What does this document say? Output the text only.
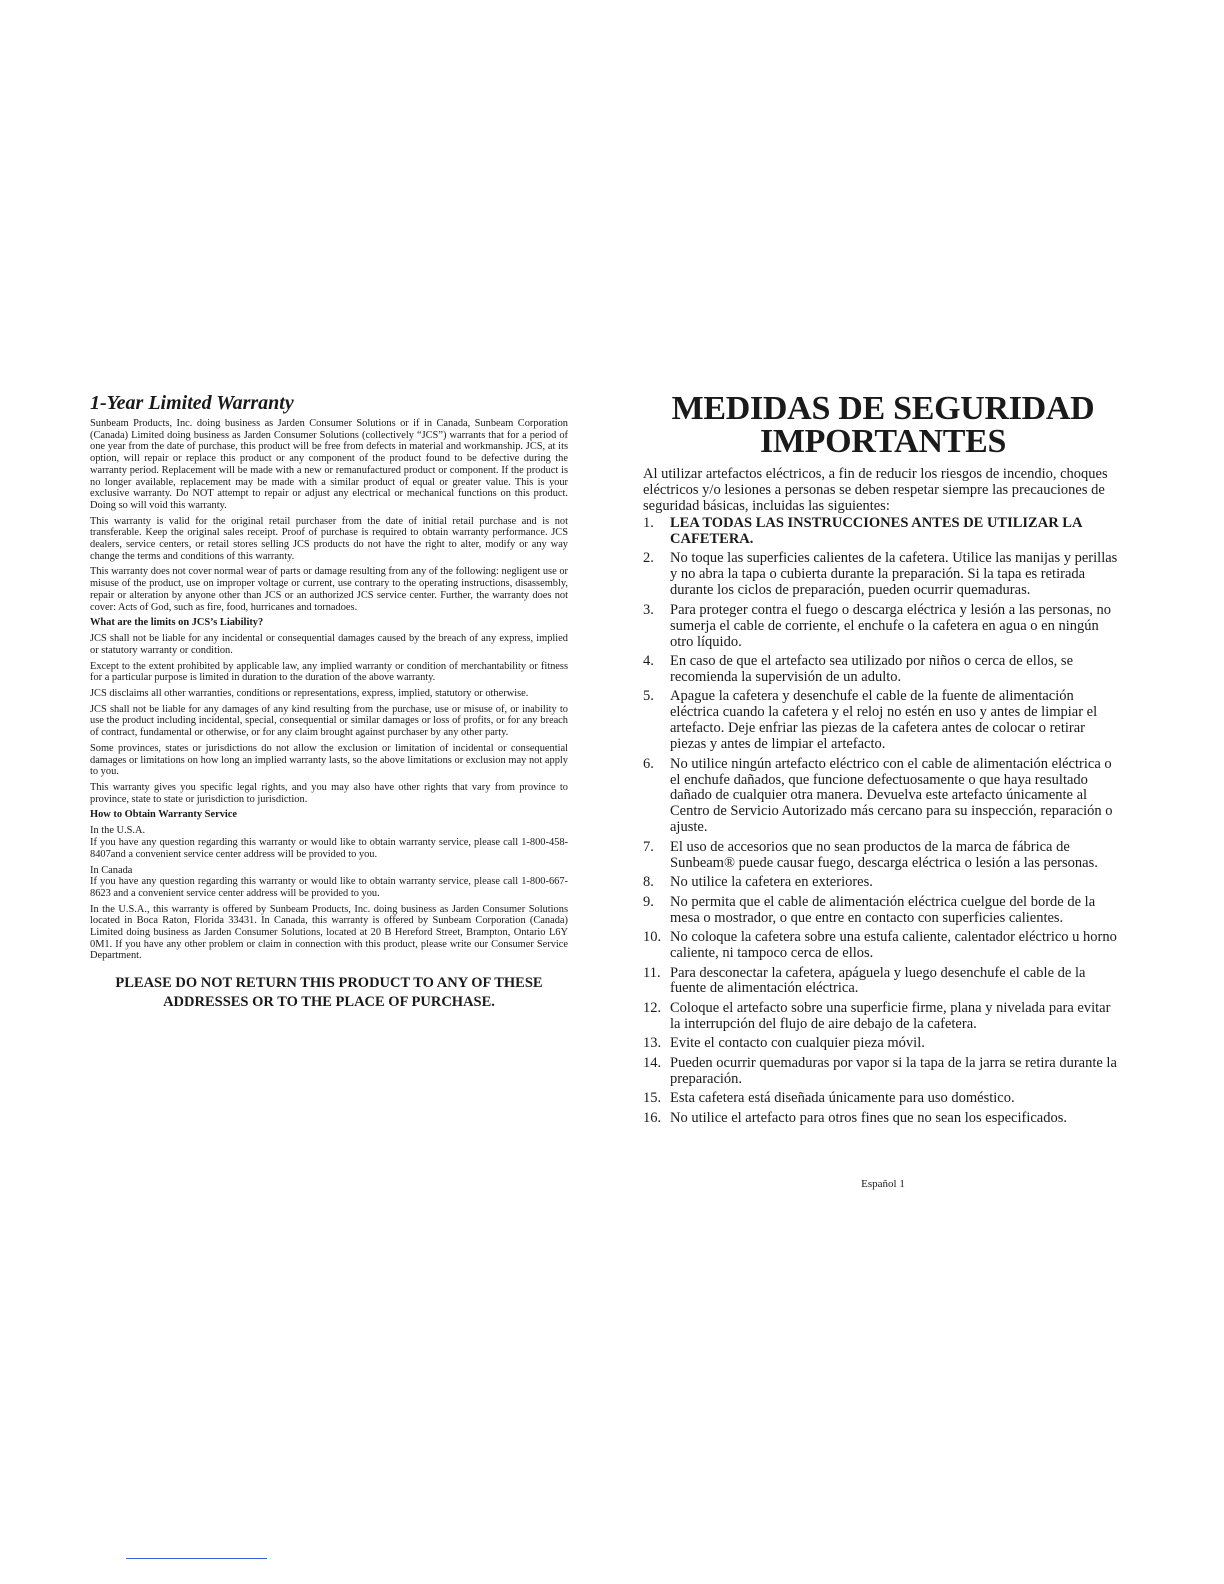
1-Year Limited Warranty

Sunbeam Products, Inc. doing business as Jarden Consumer Solutions or if in Canada, Sunbeam Corporation (Canada) Limited doing business as Jarden Consumer Solutions (collectively “JCS”) warrants that for a period of one year from the date of purchase, this product will be free from defects in material and workmanship. JCS, at its option, will repair or replace this product or any component of the product found to be defective during the warranty period. Replacement will be made with a new or remanufactured product or component. If the product is no longer available, replacement may be made with a similar product of equal or greater value. This is your exclusive warranty. Do NOT attempt to repair or adjust any electrical or mechanical functions on this product. Doing so will void this warranty.

This warranty is valid for the original retail purchaser from the date of initial retail purchase and is not transferable. Keep the original sales receipt. Proof of purchase is required to obtain warranty performance. JCS dealers, service centers, or retail stores selling JCS products do not have the right to alter, modify or any way change the terms and conditions of this warranty.

This warranty does not cover normal wear of parts or damage resulting from any of the following: negligent use or misuse of the product, use on improper voltage or current, use contrary to the operating instructions, disassembly, repair or alteration by anyone other than JCS or an authorized JCS service center. Further, the warranty does not cover: Acts of God, such as fire, food, hurricanes and tornadoes.

What are the limits on JCS’s Liability?

JCS shall not be liable for any incidental or consequential damages caused by the breach of any express, implied or statutory warranty or condition.

Except to the extent prohibited by applicable law, any implied warranty or condition of merchantability or fitness for a particular purpose is limited in duration to the duration of the above warranty.

JCS disclaims all other warranties, conditions or representations, express, implied, statutory or otherwise.

JCS shall not be liable for any damages of any kind resulting from the purchase, use or misuse of, or inability to use the product including incidental, special, consequential or similar damages or loss of profits, or for any breach of contract, fundamental or otherwise, or for any claim brought against purchaser by any other party.

Some provinces, states or jurisdictions do not allow the exclusion or limitation of incidental or consequential damages or limitations on how long an implied warranty lasts, so the above limitations or exclusion may not apply to you.

This warranty gives you specific legal rights, and you may also have other rights that vary from province to province, state to state or jurisdiction to jurisdiction.

How to Obtain Warranty Service
In the U.S.A.

If you have any question regarding this warranty or would like to obtain warranty service, please call 1-800-458-8407and a convenient service center address will be provided to you.

In Canada

If you have any question regarding this warranty or would like to obtain warranty service, please call 1-800-667-8623 and a convenient service center address will be provided to you.

In the U.S.A., this warranty is offered by Sunbeam Products, Inc. doing business as Jarden Consumer Solutions located in Boca Raton, Florida 33431. In Canada, this warranty is offered by Sunbeam Corporation (Canada) Limited doing business as Jarden Consumer Solutions, located at 20 B Hereford Street, Brampton, Ontario L6Y 0M1. If you have any other problem or claim in connection with this product, please write our Consumer Service Department.

PLEASE DO NOT RETURN THIS PRODUCT TO ANY OF THESE
ADDRESSES OR TO THE PLACE OF PURCHASE.
MEDIDAS DE SEGURIDAD
IMPORTANTES

Al utilizar artefactos eléctricos, a fin de reducir los riesgos de incendio, choques eléctricos y/o lesiones a personas se deben respetar siempre las precauciones de seguridad básicas, incluidas las siguientes:

1. LEA TODAS LAS INSTRUCCIONES ANTES DE UTILIZAR LA CAFETERA.
2. No toque las superficies calientes de la cafetera. Utilice las manijas y perillas y no abra la tapa o cubierta durante la preparación. Si la tapa es retirada durante los ciclos de preparación, pueden ocurrir quemaduras.
3. Para proteger contra el fuego o descarga eléctrica y lesión a las personas, no sumerja el cable de corriente, el enchufe o la cafetera en agua o en ningún otro líquido.
4. En caso de que el artefacto sea utilizado por niños o cerca de ellos, se recomienda la supervisión de un adulto.
5. Apague la cafetera y desenchufe el cable de la fuente de alimentación eléctrica cuando la cafetera y el reloj no estén en uso y antes de limpiar el artefacto. Deje enfriar las piezas de la cafetera antes de colocar o retirar piezas y antes de limpiar el artefacto.
6. No utilice ningún artefacto eléctrico con el cable de alimentación eléctrica o el enchufe dañados, que funcione defectuosamente o que haya resultado dañado de cualquier otra manera. Devuelva este artefacto únicamente al Centro de Servicio Autorizado más cercano para su inspección, reparación o ajuste.
7. El uso de accesorios que no sean productos de la marca de fábrica de Sunbeam® puede causar fuego, descarga eléctrica o lesión a las personas.
8. No utilice la cafetera en exteriores.
9. No permita que el cable de alimentación eléctrica cuelgue del borde de la mesa o mostrador, o que entre en contacto con superficies calientes.
10. No coloque la cafetera sobre una estufa caliente, calentador eléctrico u horno caliente, ni tampoco cerca de ellos.
11. Para desconectar la cafetera, apáguela y luego desenchufe el cable de la fuente de alimentación eléctrica.
12. Coloque el artefacto sobre una superficie firme, plana y nivelada para evitar la interrupción del flujo de aire debajo de la cafetera.
13. Evite el contacto con cualquier pieza móvil.
14. Pueden ocurrir quemaduras por vapor si la tapa de la jarra se retira durante la preparación.
15. Esta cafetera está diseñada únicamente para uso doméstico.
16. No utilice el artefacto para otros fines que no sean los especificados.
Español 1
